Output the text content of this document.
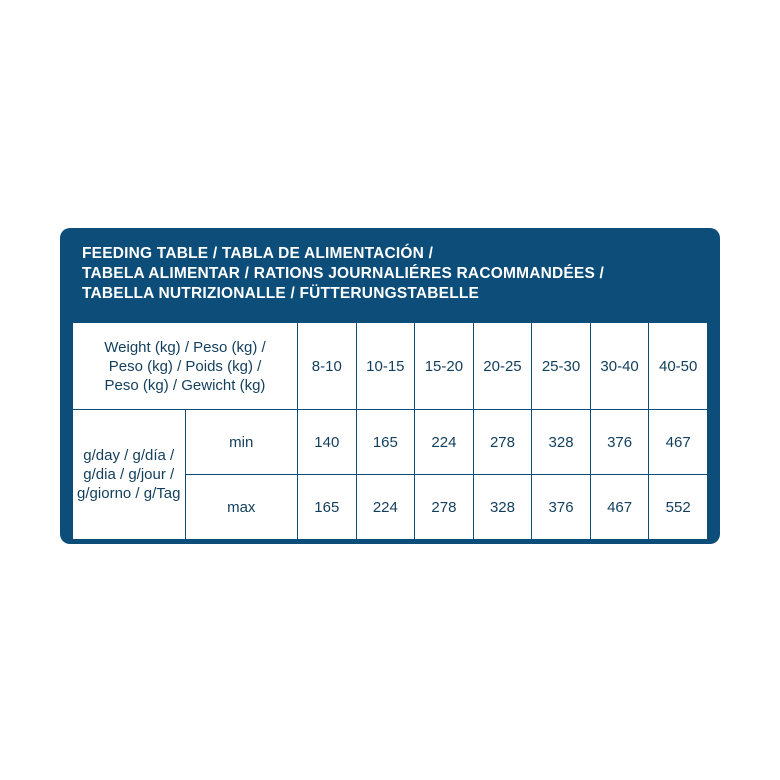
FEEDING TABLE / TABLA DE ALIMENTACIÓN /
TABELA ALIMENTAR / RATIONS JOURNALIÉRES RACOMMANDÉES /
TABELLA NUTRIZIONALLE / FÜTTERUNGSTABELLE
Weight (kg) / Peso (kg) /
Peso (kg) / Poids (kg) /
Peso (kg) / Gewicht (kg)		8-10	10-15	15-20	20-25	25-30	30-40	40-50

g/day / g/día /
g/dia / g/jour /
g/giorno / g/Tag	min	140	165	224	278	328	376	467
	max	165	224	278	328	376	467	552
